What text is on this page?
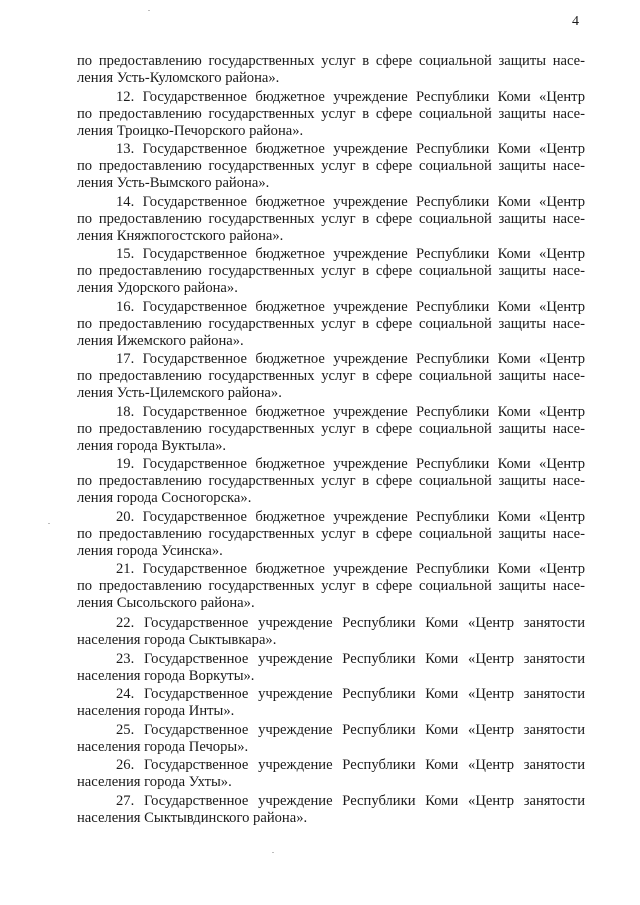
4
по предоставлению государственных услуг в сфере социальной защиты насе-
ления Усть-Куломского района».
12. Государственное бюджетное учреждение Республики Коми «Центр
по предоставлению государственных услуг в сфере социальной защиты насе-
ления Троицко-Печорского района».
13. Государственное бюджетное учреждение Республики Коми «Центр
по предоставлению государственных услуг в сфере социальной защиты насе-
ления Усть-Вымского района».
14. Государственное бюджетное учреждение Республики Коми «Центр
по предоставлению государственных услуг в сфере социальной защиты насе-
ления Княжпогостского района».
15. Государственное бюджетное учреждение Республики Коми «Центр
по предоставлению государственных услуг в сфере социальной защиты насе-
ления Удорского района».
16. Государственное бюджетное учреждение Республики Коми «Центр
по предоставлению государственных услуг в сфере социальной защиты насе-
ления Ижемского района».
17. Государственное бюджетное учреждение Республики Коми «Центр
по предоставлению государственных услуг в сфере социальной защиты насе-
ления Усть-Цилемского района».
18. Государственное бюджетное учреждение Республики Коми «Центр
по предоставлению государственных услуг в сфере социальной защиты насе-
ления города Вуктыла».
19. Государственное бюджетное учреждение Республики Коми «Центр
по предоставлению государственных услуг в сфере социальной защиты насе-
ления города Сосногорска».
20. Государственное бюджетное учреждение Республики Коми «Центр
по предоставлению государственных услуг в сфере социальной защиты насе-
ления города Усинска».
21. Государственное бюджетное учреждение Республики Коми «Центр
по предоставлению государственных услуг в сфере социальной защиты насе-
ления Сысольского района».
22. Государственное учреждение Республики Коми «Центр занятости
населения города Сыктывкара».
23. Государственное учреждение Республики Коми «Центр занятости
населения города Воркуты».
24. Государственное учреждение Республики Коми «Центр занятости
населения города Инты».
25. Государственное учреждение Республики Коми «Центр занятости
населения города Печоры».
26. Государственное учреждение Республики Коми «Центр занятости
населения города Ухты».
27. Государственное учреждение Республики Коми «Центр занятости
населения Сыктывдинского района».
